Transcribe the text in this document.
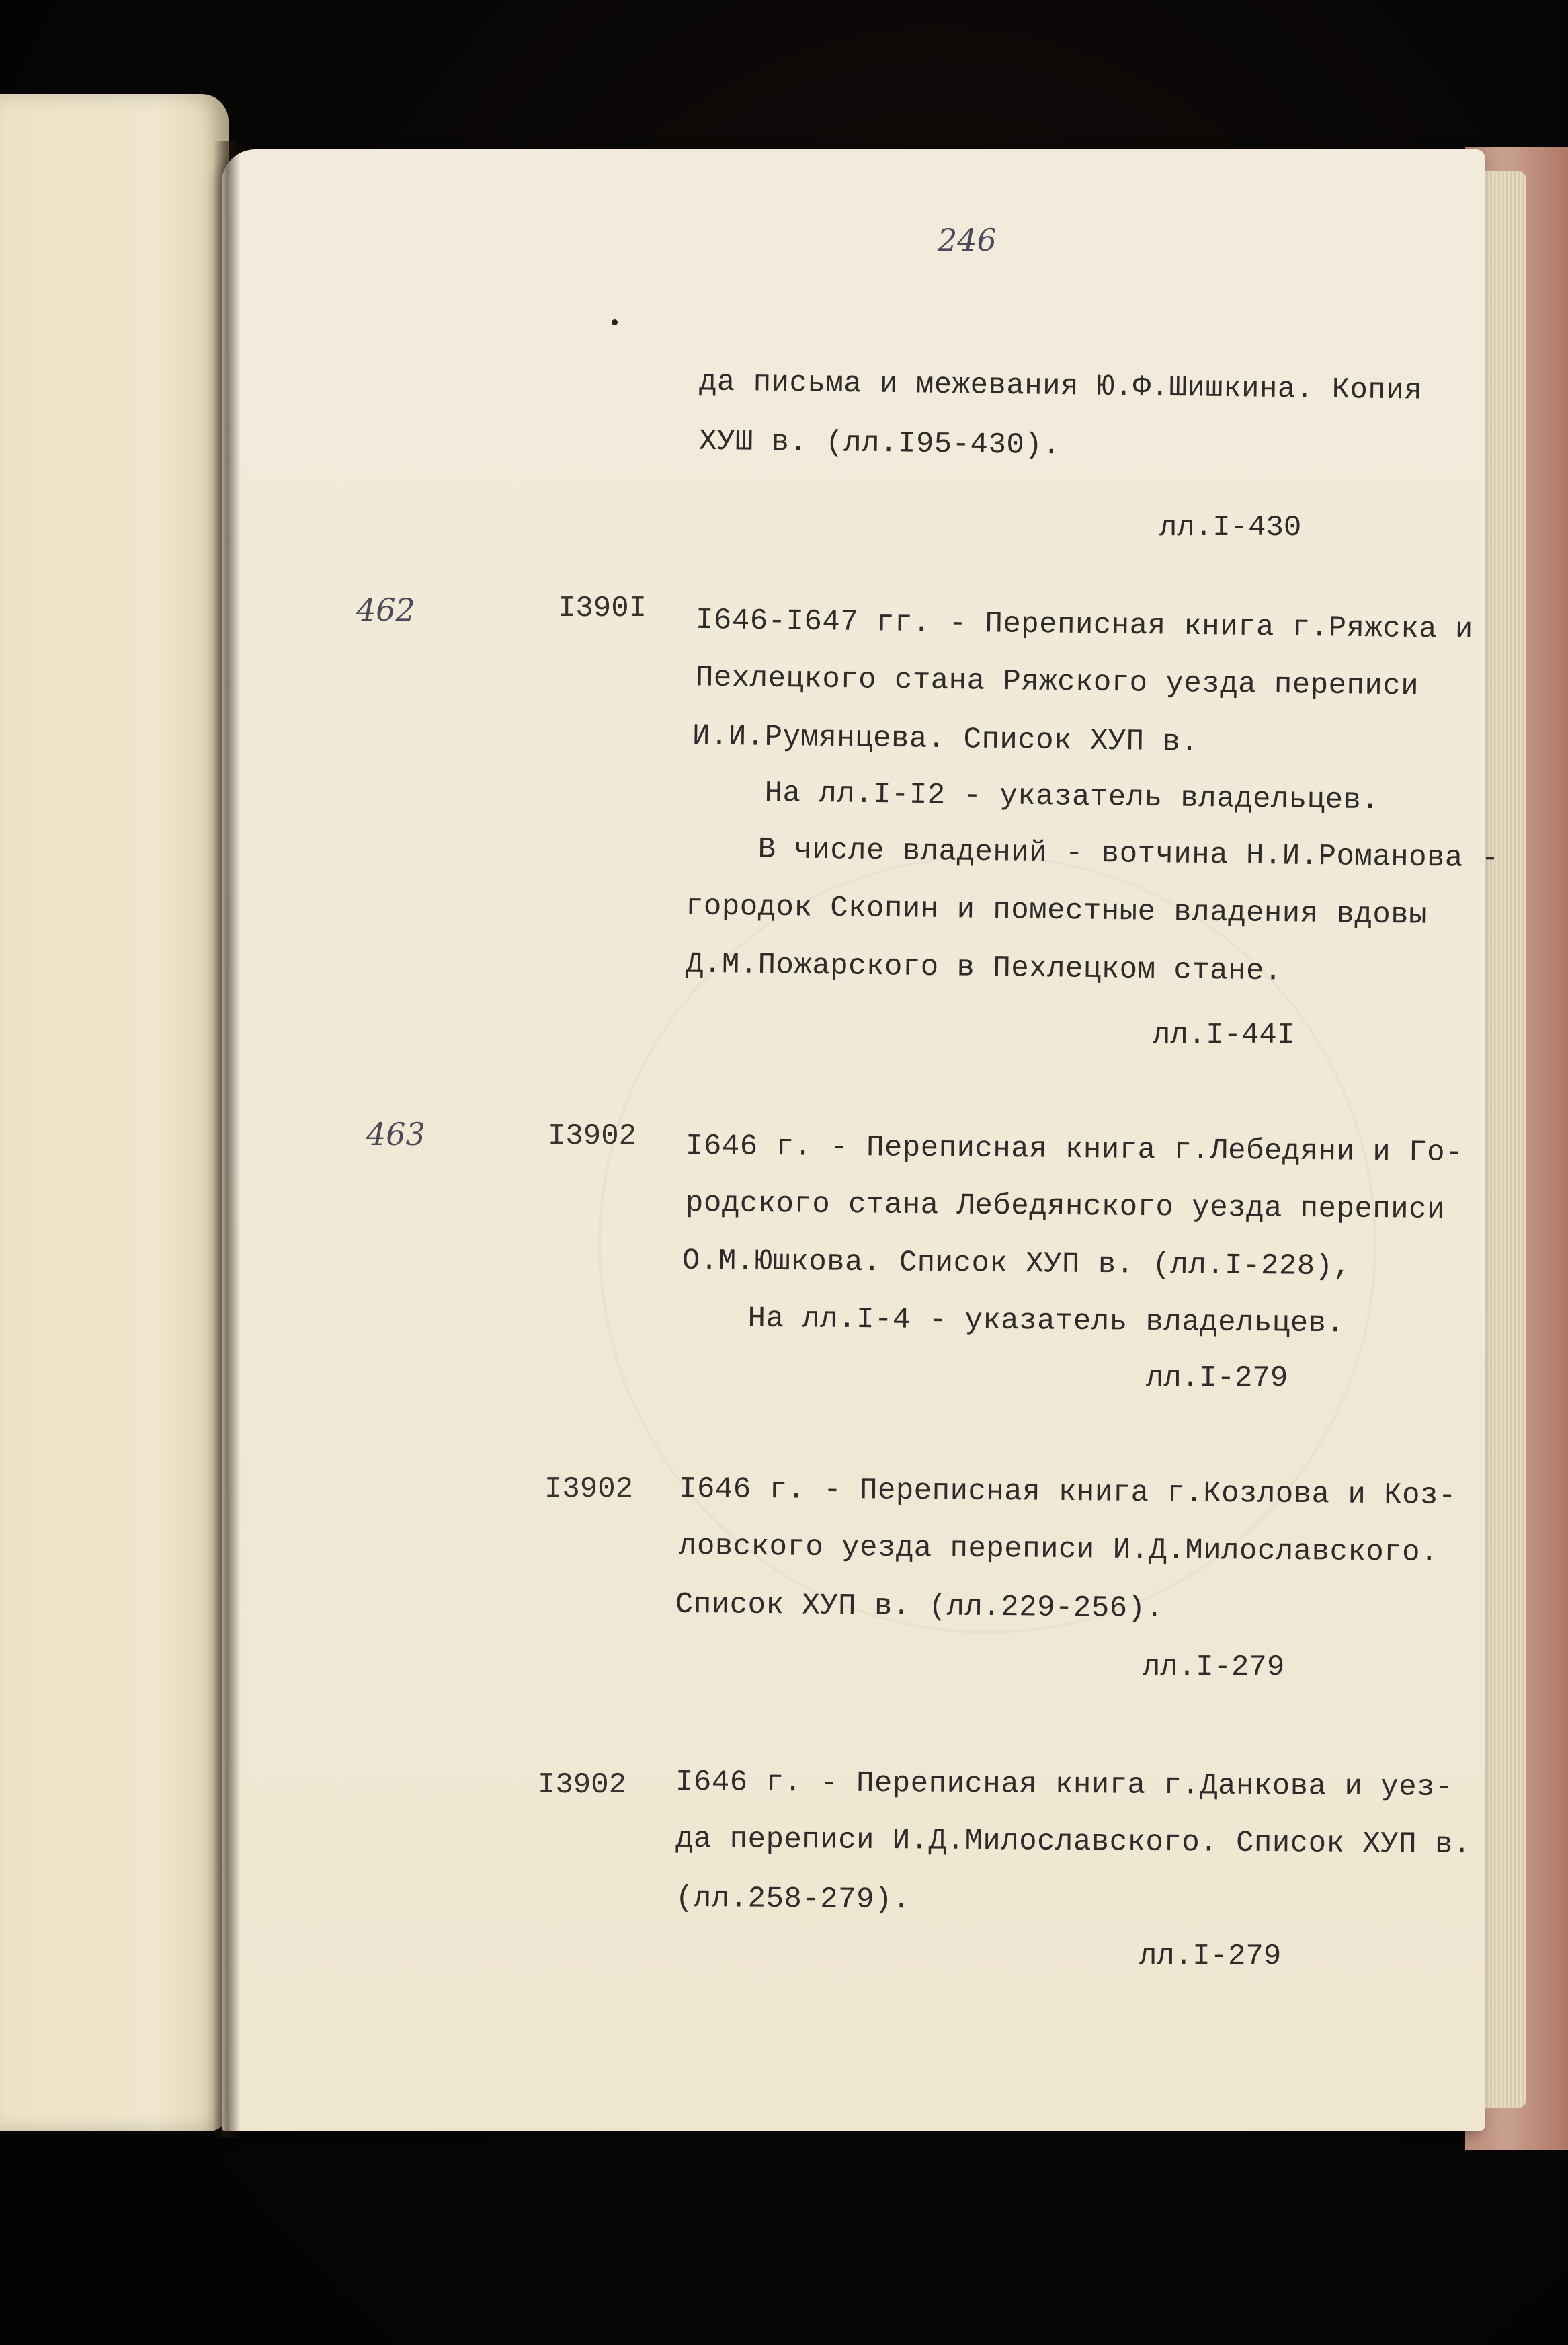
246
да письма и межевания Ю.Ф.Шишкина. Копия
ХУШ в. (лл.I95-430).
лл.I-430
462	I390I I646-I647 гг. - Переписная книга г.Ряжска и
Пехлецкого стана Ряжского уезда переписи
И.И.Румянцева. Список ХУП в.
На лл.I-I2 - указатель владельцев.
В числе владений - вотчина Н.И.Романова -
городок Скопин и поместные владения вдовы
Д.М.Пожарского в Пехлецком стане.
лл.I-44I
463	I3902 I646 г. - Переписная книга г.Лебедяни и Го-
родского стана Лебедянского уезда переписи
О.М.Юшкова. Список ХУП в. (лл.I-228),
На лл.I-4 - указатель владельцев.
лл.I-279
I3902 I646 г. - Переписная книга г.Козлова и Коз-
ловского уезда переписи И.Д.Милославского.
Список ХУП в. (лл.229-256).
лл.I-279
I3902 I646 г. - Переписная книга г.Данкова и уез-
да переписи И.Д.Милославского. Список ХУП в.
(лл.258-279).
лл.I-279
